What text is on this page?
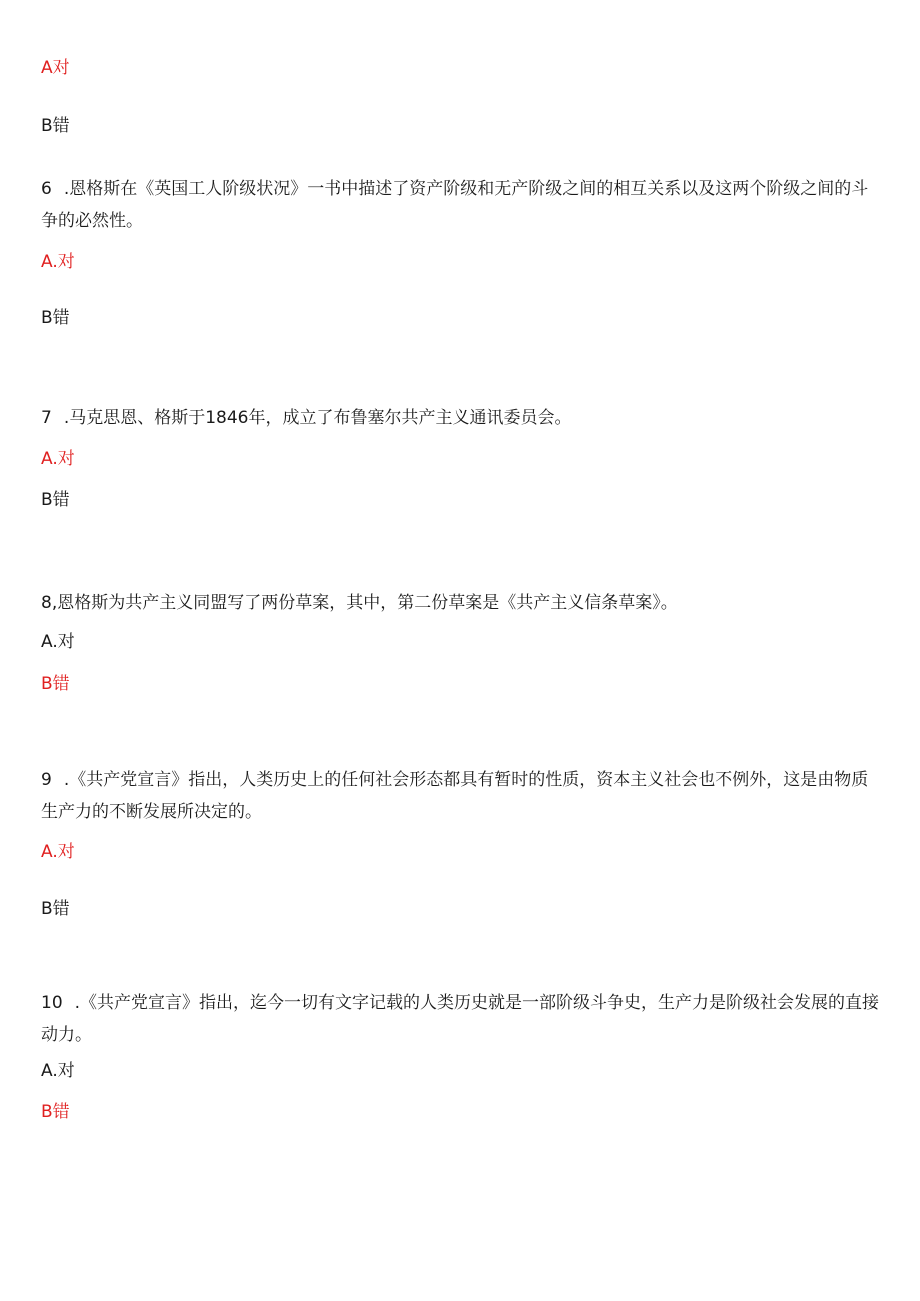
A对

B错

6 .恩格斯在《英国工人阶级状况》一书中描述了资产阶级和无产阶级之间的相互关系以及这两个阶级之间的斗争的必然性。

A.对

B错

7 .马克思恩、格斯于1846年，成立了布鲁塞尔共产主义通讯委员会。

A.对

B错

8,恩格斯为共产主义同盟写了两份草案，其中，第二份草案是《共产主义信条草案》。

A.对

B错

9 .《共产党宣言》指出，人类历史上的任何社会形态都具有暂时的性质，资本主义社会也不例外，这是由物质生产力的不断发展所决定的。

A.对

B错

10 .《共产党宣言》指出，迄今一切有文字记载的人类历史就是一部阶级斗争史，生产力是阶级社会发展的直接动力。

A.对

B错
